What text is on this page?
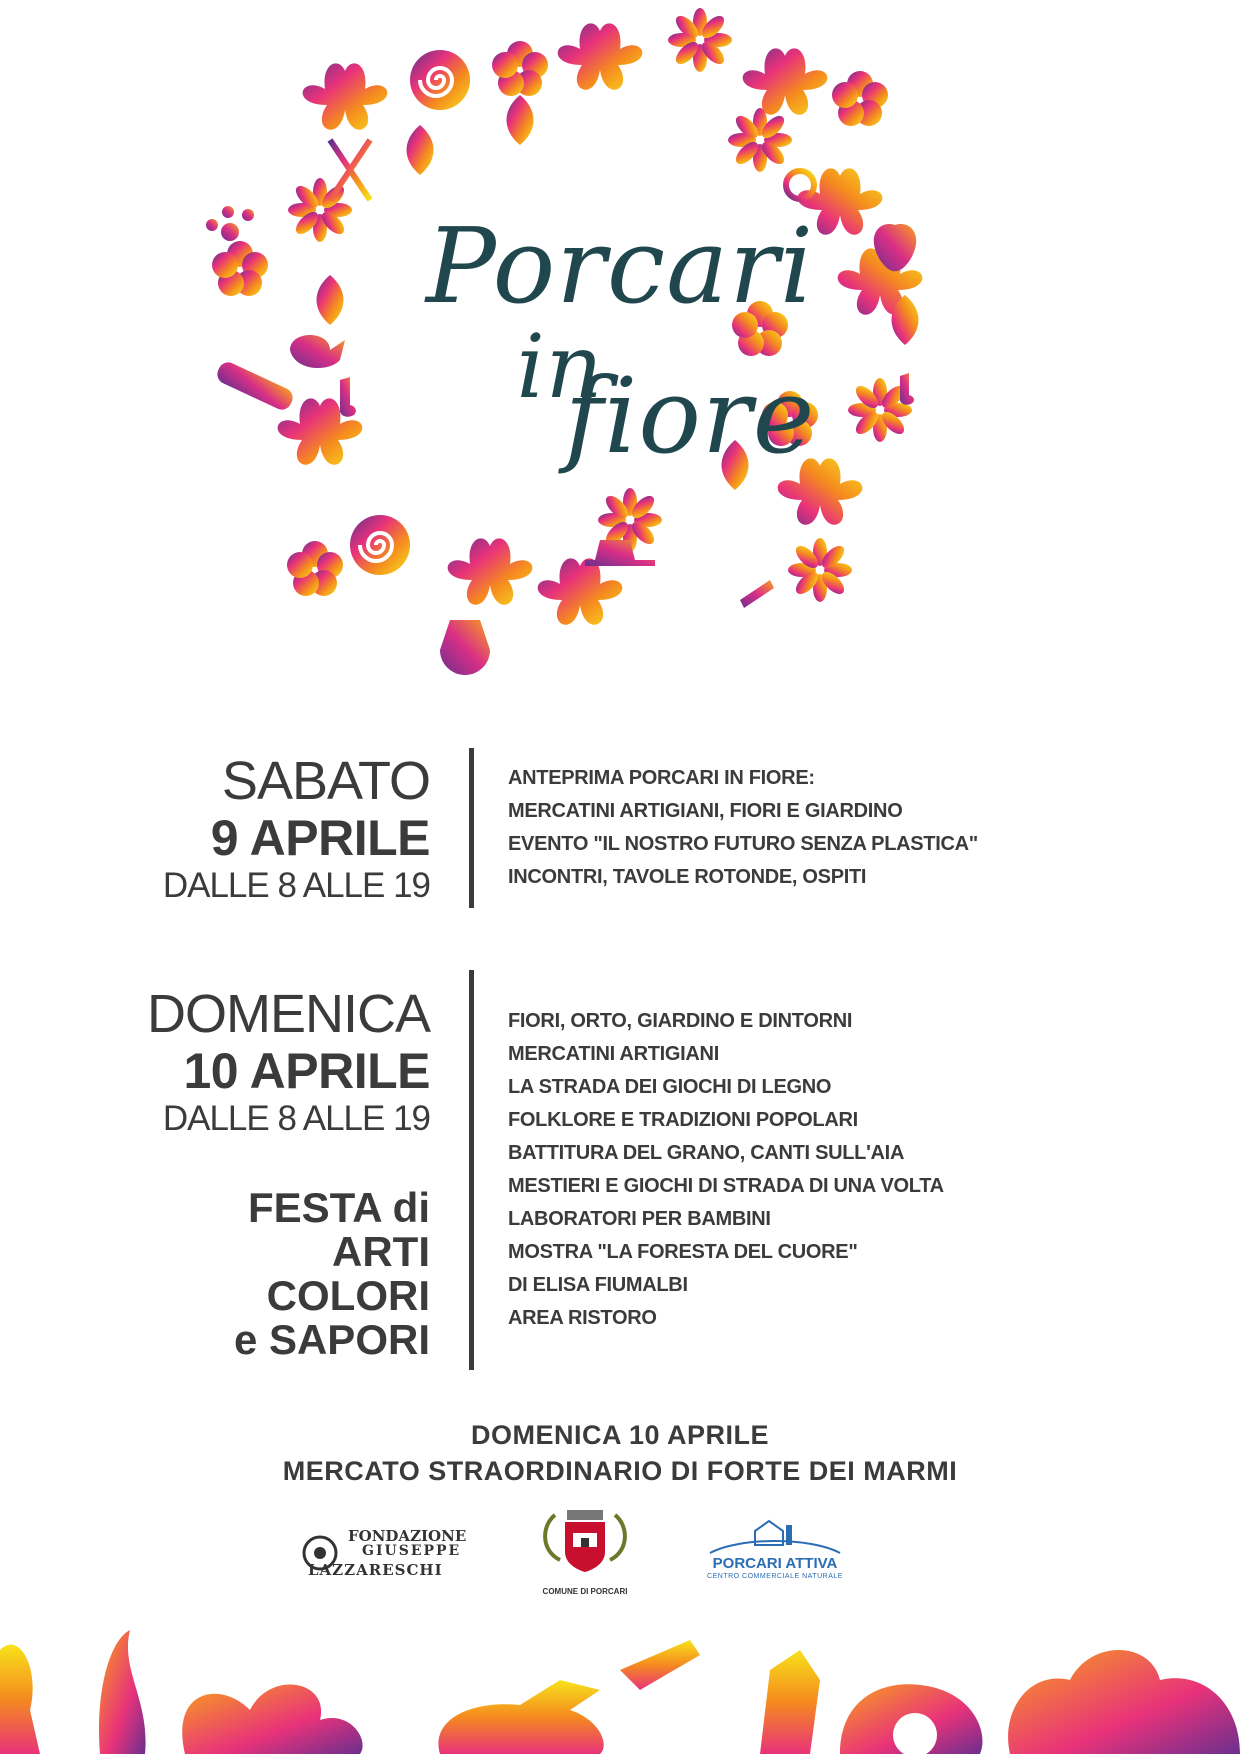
Porcari
in
fiore
SABATO
9 APRILE
DALLE 8 ALLE 19
ANTEPRIMA PORCARI IN FIORE:
MERCATINI ARTIGIANI, FIORI E GIARDINO
EVENTO "IL NOSTRO FUTURO SENZA PLASTICA"
INCONTRI, TAVOLE ROTONDE, OSPITI
DOMENICA
10 APRILE
DALLE 8 ALLE 19
FESTA di
ARTI
COLORI
e SAPORI
FIORI, ORTO, GIARDINO E DINTORNI
MERCATINI ARTIGIANI
LA STRADA DEI GIOCHI DI LEGNO
FOLKLORE E TRADIZIONI POPOLARI
BATTITURA DEL GRANO, CANTI SULL'AIA
MESTIERI E GIOCHI DI STRADA DI UNA VOLTA
LABORATORI PER BAMBINI
MOSTRA "LA FORESTA DEL CUORE"
DI ELISA FIUMALBI
AREA RISTORO
DOMENICA 10 APRILE
MERCATO STRAORDINARIO DI FORTE DEI MARMI
FONDAZIONE
GIUSEPPE
LAZZARESCHI
COMUNE DI PORCARI
PORCARI ATTIVA
CENTRO COMMERCIALE NATURALE
